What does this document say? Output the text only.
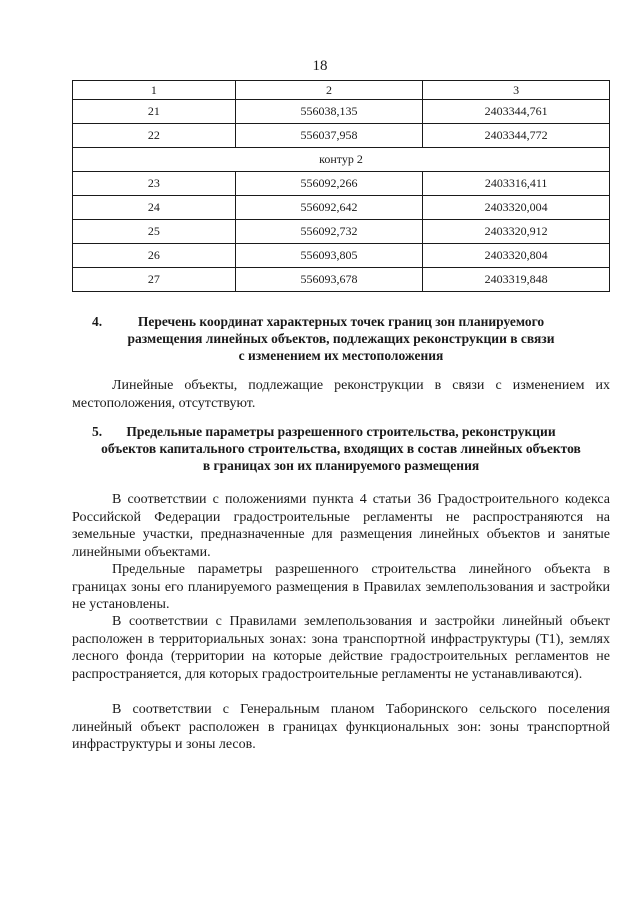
18
1	2	3
21	556038,135	2403344,761
22	556037,958	2403344,772
контур 2		
23	556092,266	2403316,411
24	556092,642	2403320,004
25	556092,732	2403320,912
26	556093,805	2403320,804
27	556093,678	2403319,848
4.	Перечень координат характерных точек границ зон планируемого
размещения линейных объектов, подлежащих реконструкции в связи
с изменением их местоположения

Линейные объекты, подлежащие реконструкции в связи с изменением их местоположения, отсутствуют.

5.	Предельные параметры разрешенного строительства, реконструкции
объектов капитального строительства, входящих в состав линейных объектов
в границах зон их планируемого размещения

В соответствии с положениями пункта 4 статьи 36 Градостроительного кодекса Российской Федерации градостроительные регламенты не распространяются на земельные участки, предназначенные для размещения линейных объектов и занятые линейными объектами.

Предельные параметры разрешенного строительства линейного объекта в границах зоны его планируемого размещения в Правилах землепользования и застройки не установлены.

В соответствии с Правилами землепользования и застройки линейный объект расположен в территориальных зонах: зона транспортной инфраструктуры (Т1), землях лесного фонда (территории на которые действие градостроительных регламентов не распространяется, для которых градостроительные регламенты не устанавливаются).

В соответствии с Генеральным планом Таборинского сельского поселения линейный объект расположен в границах функциональных зон: зоны транспортной инфраструктуры и зоны лесов.
